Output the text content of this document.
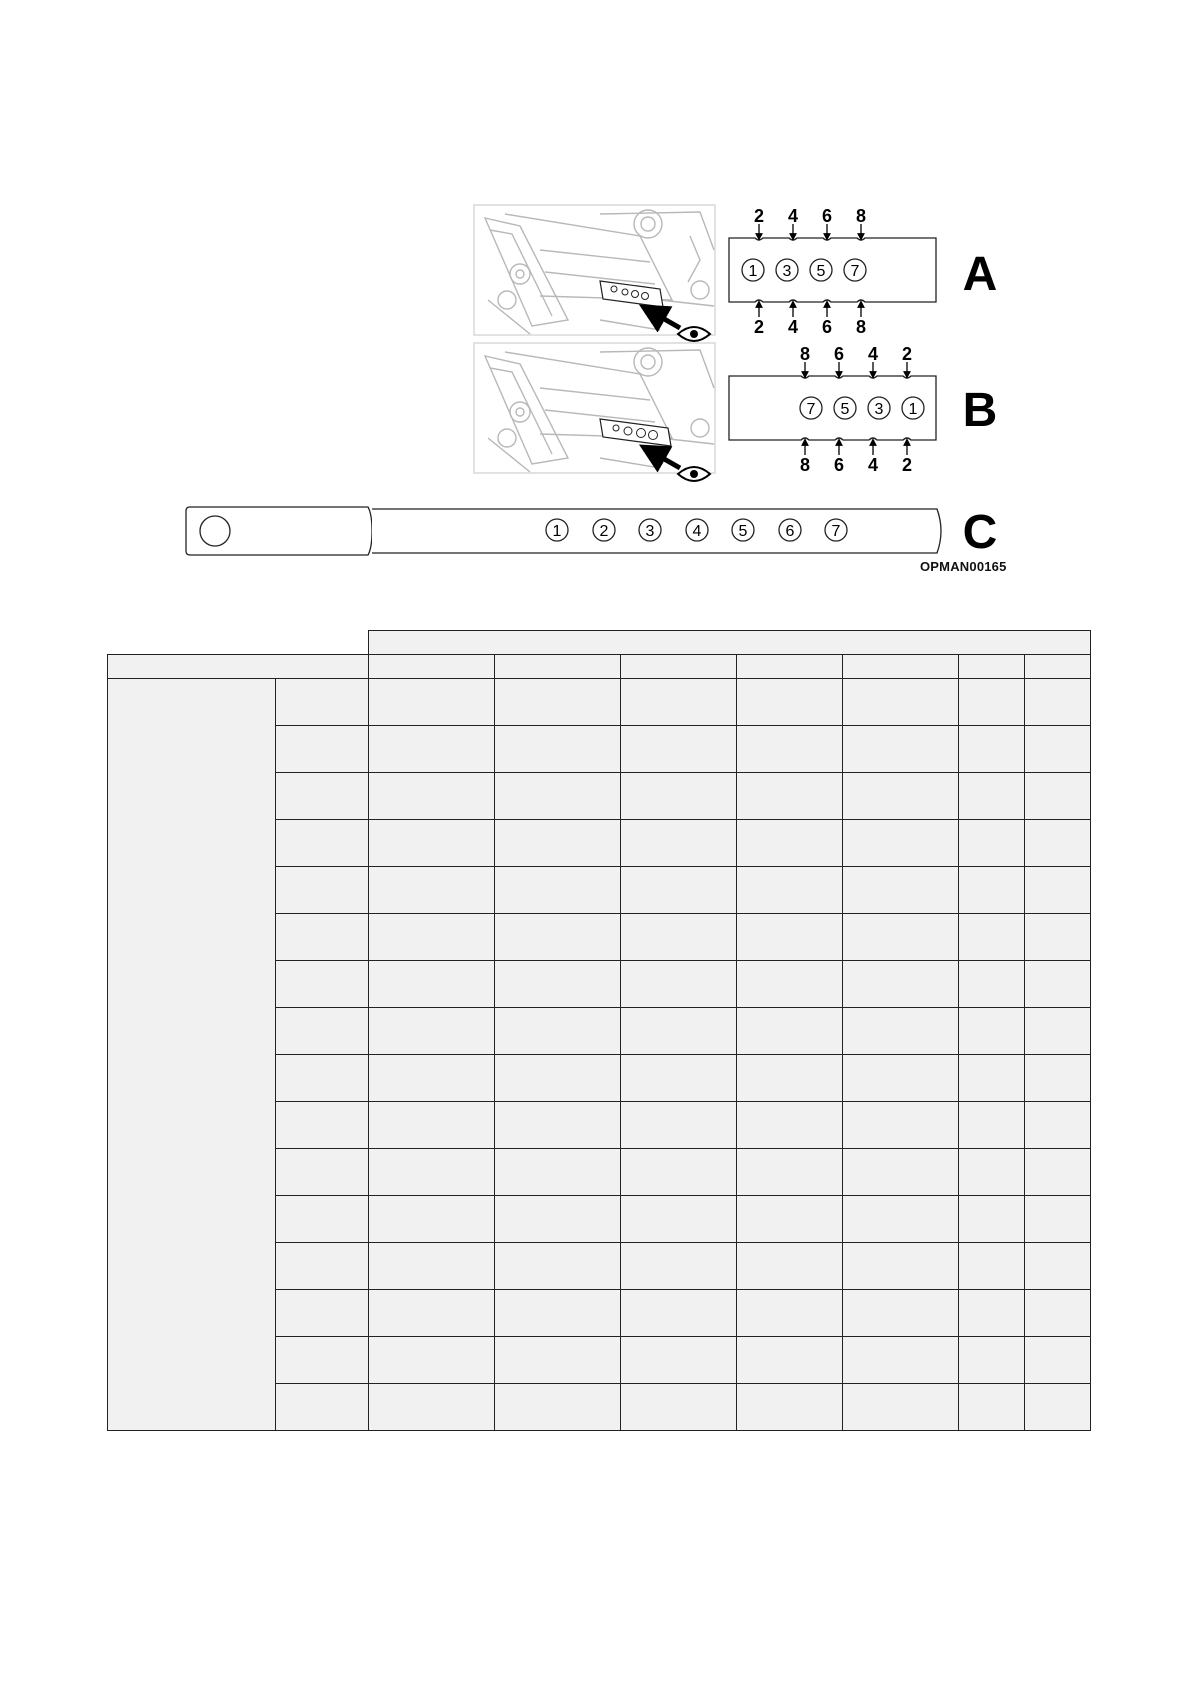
2 4 6 8
2 4 6 8
1 3 5 7 A
8 6 4 2
8 6 4 2
7 5 3 1 B
1 2 3 4 5 6 7	C
OPMAN00165
